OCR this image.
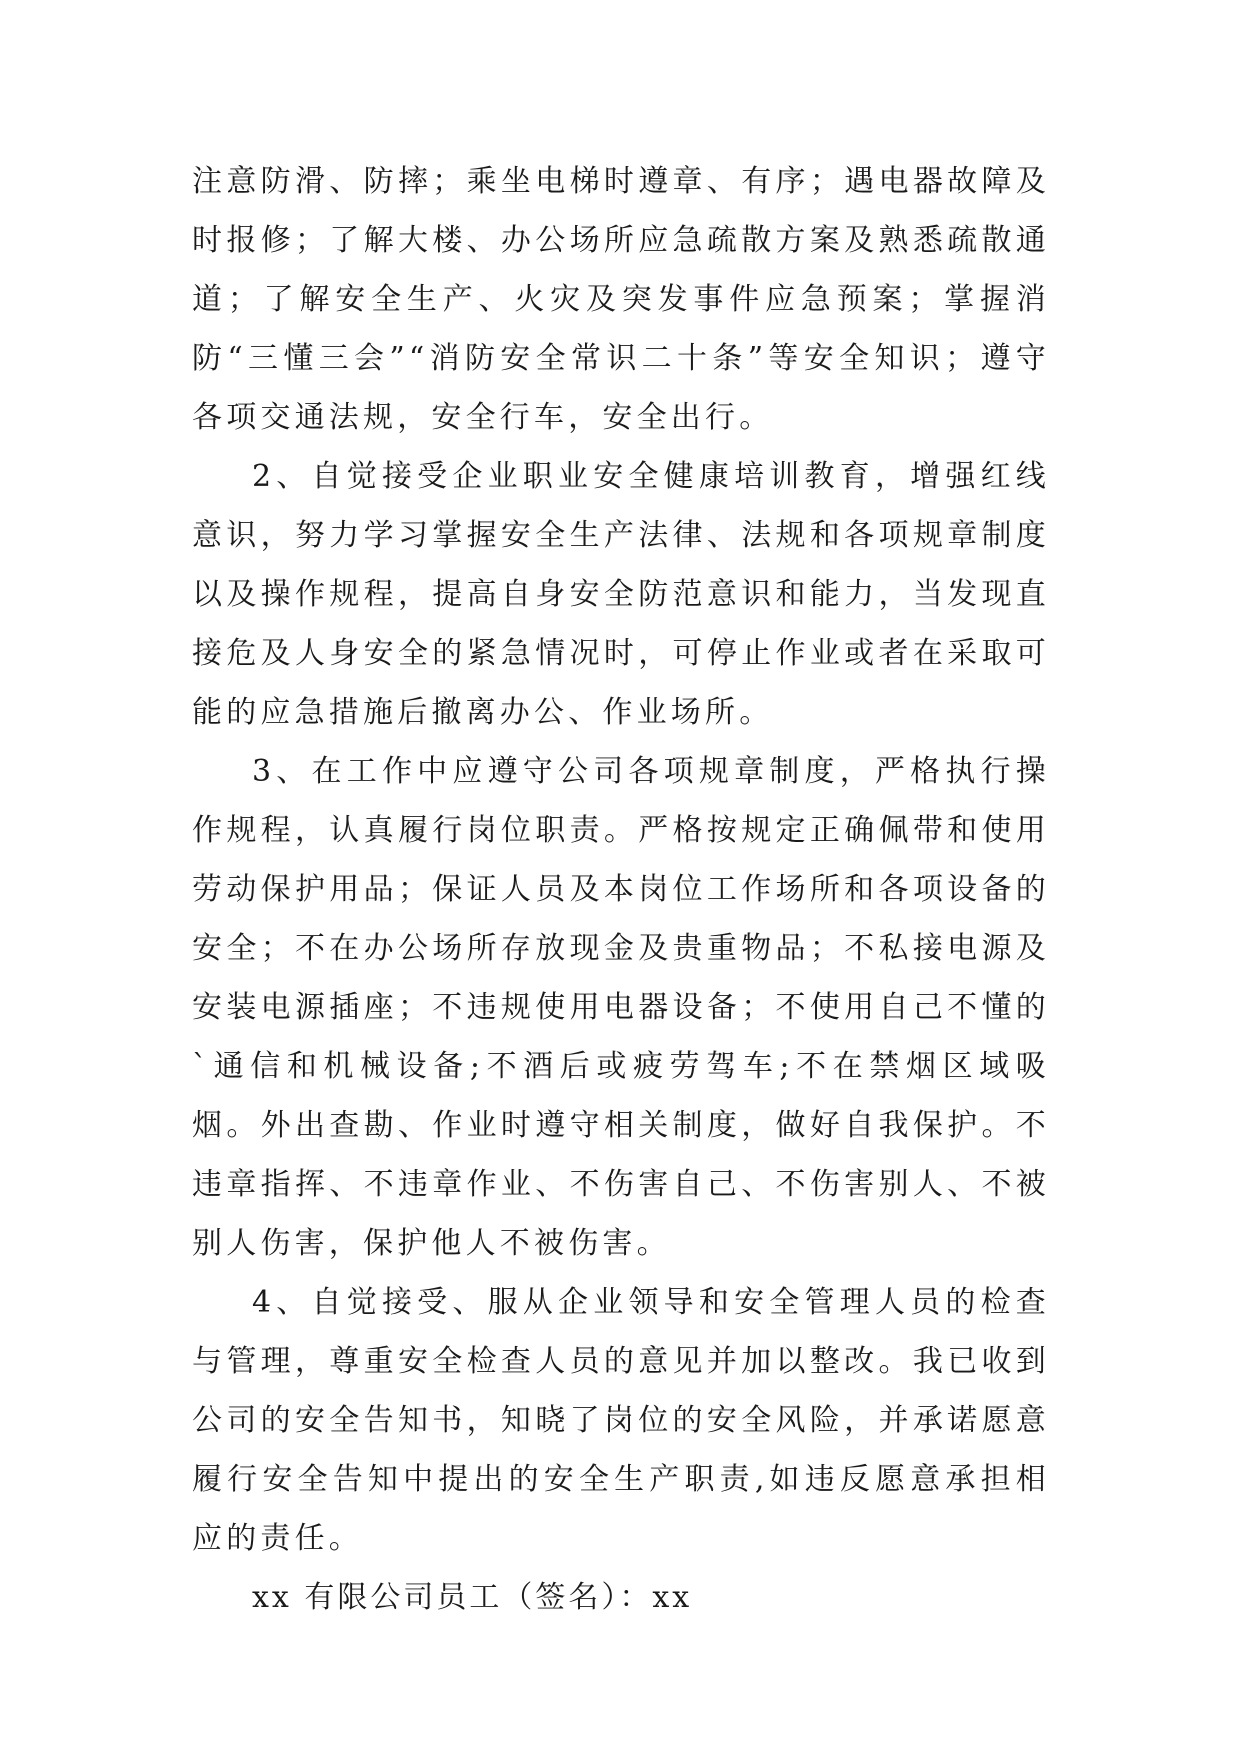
注意防滑、防摔；乘坐电梯时遵章、有序；遇电器故障及时报修；了解大楼、办公场所应急疏散方案及熟悉疏散通道；了解安全生产、火灾及突发事件应急预案；掌握消防“三懂三会”“消防安全常识二十条”等安全知识；遵守各项交通法规，安全行车，安全出行。

2、自觉接受企业职业安全健康培训教育，增强红线意识，努力学习掌握安全生产法律、法规和各项规章制度以及操作规程，提高自身安全防范意识和能力，当发现直接危及人身安全的紧急情况时，可停止作业或者在采取可能的应急措施后撤离办公、作业场所。

3、在工作中应遵守公司各项规章制度，严格执行操作规程，认真履行岗位职责。严格按规定正确佩带和使用劳动保护用品；保证人员及本岗位工作场所和各项设备的安全；不在办公场所存放现金及贵重物品；不私接电源及安装电源插座；不违规使用电器设备；不使用自己不懂的`通信和机械设备;不酒后或疲劳驾车;不在禁烟区域吸烟。外出查勘、作业时遵守相关制度，做好自我保护。不违章指挥、不违章作业、不伤害自己、不伤害别人、不被别人伤害，保护他人不被伤害。

4、自觉接受、服从企业领导和安全管理人员的检查与管理，尊重安全检查人员的意见并加以整改。我已收到公司的安全告知书，知晓了岗位的安全风险，并承诺愿意履行安全告知中提出的安全生产职责,如违反愿意承担相应的责任。

xx 有限公司员工（签名）：xx
